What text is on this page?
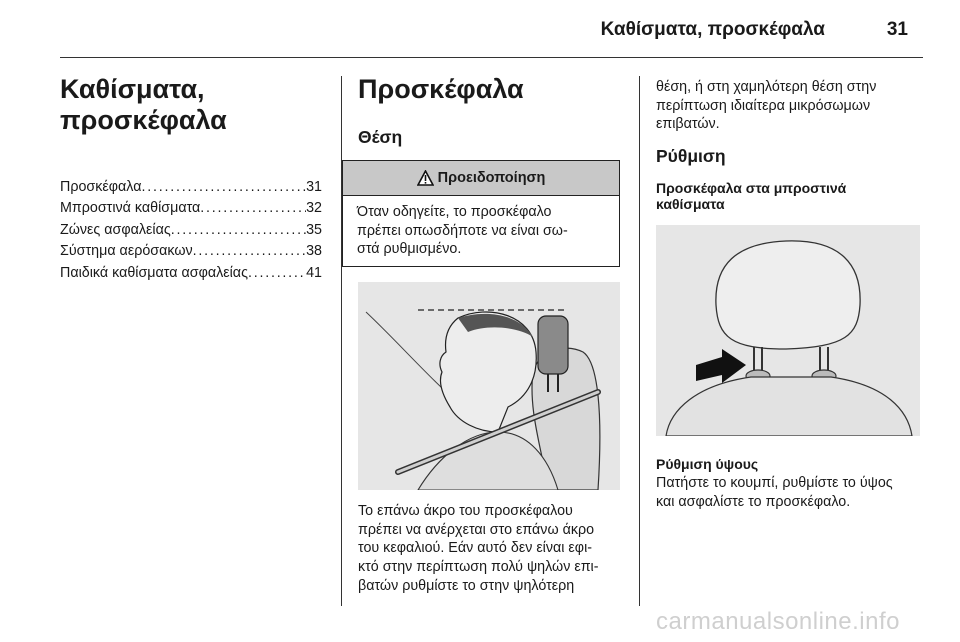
Καθίσματα, προσκέφαλα	31
Καθίσματα,
προσκέφαλα
Προσκέφαλα . . .	31
Μπροστινά καθίσματα . . .	32
Ζώνες ασφαλείας . . .	35
Σύστημα αερόσακων . . .	38
Παιδικά καθίσματα ασφαλείας . . .	41
Προσκέφαλα
Θέση
Προειδοποίηση
Όταν οδηγείτε, το προσκέφαλο
πρέπει οπωσδήποτε να είναι σω-
στά ρυθμισμένο.
Το επάνω άκρο του προσκέφαλου
πρέπει να ανέρχεται στο επάνω άκρο
του κεφαλιού. Εάν αυτό δεν είναι εφι-
κτό στην περίπτωση πολύ ψηλών επι-
βατών ρυθμίστε το στην ψηλότερη
θέση, ή στη χαμηλότερη θέση στην
περίπτωση ιδιαίτερα μικρόσωμων
επιβατών.
Ρύθμιση
Προσκέφαλα στα μπροστινά
καθίσματα
Ρύθμιση ύψους
Πατήστε το κουμπί, ρυθμίστε το ύψος
και ασφαλίστε το προσκέφαλο.
carmanualsonline.info
